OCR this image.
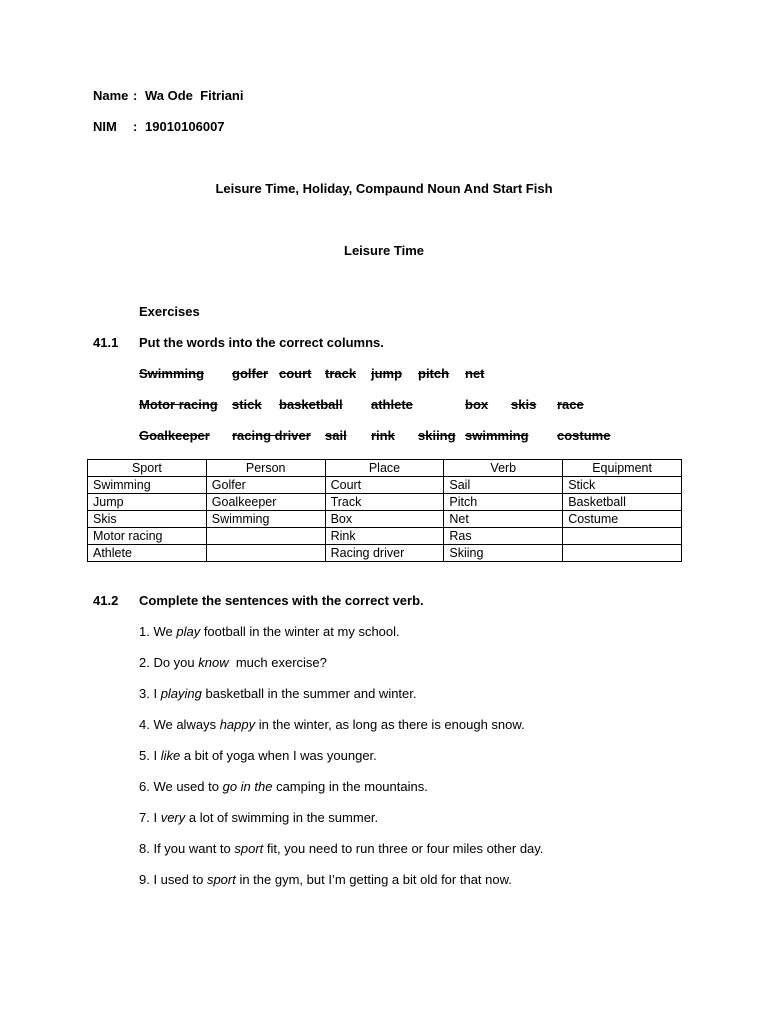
Name : Wa Ode  Fitriani
NIM : 19010106007
Leisure Time, Holiday, Compaund Noun And Start Fish
Leisure Time
Exercises
41.1 Put the words into the correct columns.
Swimming golfer court track jump pitch net
Motor racing stick basketball athlete	box skis race
Goalkeeper racing driver sail rink skiing swimming costume
Sport	Person	Place	Verb	Equipment
Swimming	Golfer	Court	Sail	Stick
Jump	Goalkeeper	Track	Pitch	Basketball
Skis	Swimming	Box	Net	Costume
Motor racing		Rink	Ras	
Athlete		Racing driver	Skiing	
41.2 Complete the sentences with the correct verb.
1. We play football in the winter at my school.
2. Do you know  much exercise?
3. I playing basketball in the summer and winter.
4. We always happy in the winter, as long as there is enough snow.
5. I like a bit of yoga when I was younger.
6. We used to go in the camping in the mountains.
7. I very a lot of swimming in the summer.
8. If you want to sport fit, you need to run three or four miles other day.
9. I used to sport in the gym, but I’m getting a bit old for that now.
